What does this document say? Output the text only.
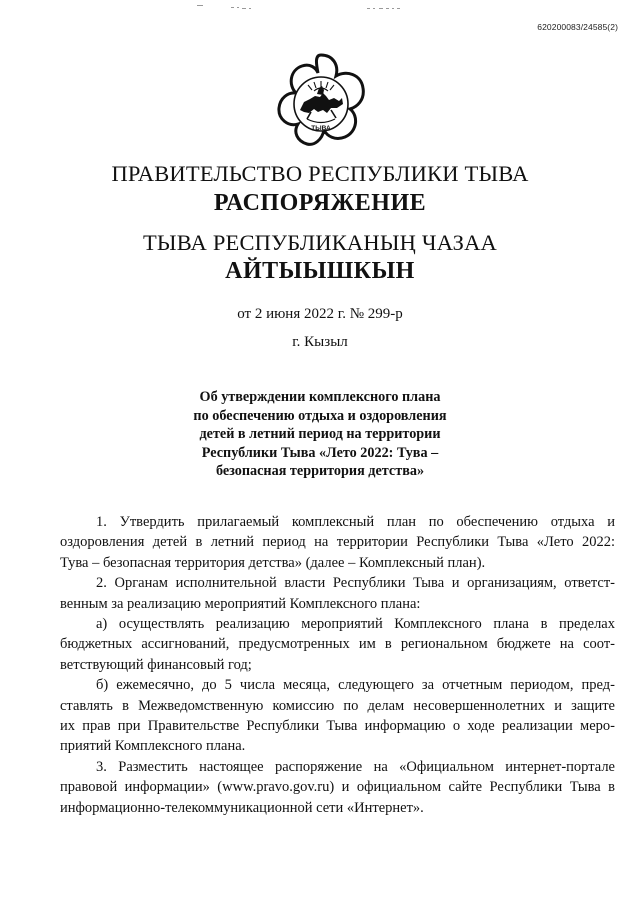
620200083/24585(2)
ТЫВА
ПРАВИТЕЛЬСТВО РЕСПУБЛИКИ ТЫВА
РАСПОРЯЖЕНИЕ
ТЫВА РЕСПУБЛИКАНЫҢ ЧАЗАА
АЙТЫЫШКЫН
от 2 июня 2022 г. № 299-р
г. Кызыл
Об утверждении комплексного плана
по обеспечению отдыха и оздоровления
детей в летний период на территории
Республики Тыва «Лето 2022: Тува –
безопасная территория детства»
1. Утвердить прилагаемый комплексный план по обеспечению отдыха и
оздоровления детей в летний период на территории Республики Тыва «Лето 2022:
Тува – безопасная территория детства» (далее – Комплексный план).
2. Органам исполнительной власти Республики Тыва и организациям, ответст-
венным за реализацию мероприятий Комплексного плана:
а) осуществлять реализацию мероприятий Комплексного плана в пределах
бюджетных ассигнований, предусмотренных им в региональном бюджете на соот-
ветствующий финансовый год;
б) ежемесячно, до 5 числа месяца, следующего за отчетным периодом, пред-
ставлять в Межведомственную комиссию по делам несовершеннолетних и защите
их прав при Правительстве Республики Тыва информацию о ходе реализации меро-
приятий Комплексного плана.
3. Разместить настоящее распоряжение на «Официальном интернет-портале
правовой информации» (www.pravo.gov.ru) и официальном сайте Республики Тыва в
информационно-телекоммуникационной сети «Интернет».
